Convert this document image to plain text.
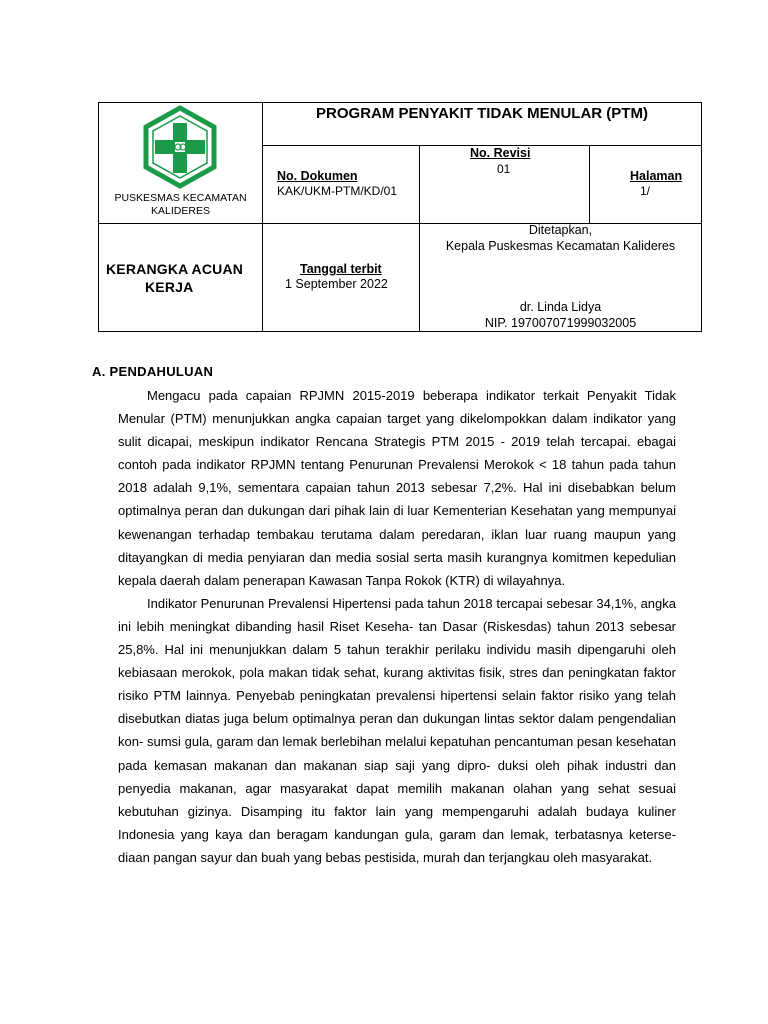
PUSKESMAS KECAMATAN
KALIDERES
PROGRAM PENYAKIT TIDAK MENULAR (PTM)
No. Dokumen
KAK/UKM-PTM/KD/01
No. Revisi
01	Halaman
1/
KERANGKA ACUAN
KERJA
Tanggal terbit
1 September 2022
Ditetapkan,
Kepala Puskesmas Kecamatan Kalideres
dr. Linda Lidya
NIP. 197007071999032005
A. PENDAHULUAN

Mengacu pada capaian RPJMN 2015-2019 beberapa indikator terkait Penyakit Tidak Menular (PTM) menunjukkan angka capaian target yang dikelompokkan dalam indikator yang sulit dicapai, meskipun indikator Rencana Strategis PTM 2015 - 2019 telah tercapai. ebagai contoh pada indikator RPJMN tentang Penurunan Prevalensi Merokok < 18 tahun pada tahun 2018 adalah 9,1%, sementara capaian tahun 2013 sebesar 7,2%. Hal ini disebabkan belum optimalnya peran dan dukungan dari pihak lain di luar Kementerian Kesehatan yang mempunyai kewenangan terhadap tembakau terutama dalam peredaran, iklan luar ruang maupun yang ditayangkan di media penyiaran dan media sosial serta masih kurangnya komitmen kepedulian kepala daerah dalam penerapan Kawasan Tanpa Rokok (KTR) di wilayahnya.

Indikator Penurunan Prevalensi Hipertensi pada tahun 2018 tercapai sebesar 34,1%, angka ini lebih meningkat dibanding hasil Riset Keseha- tan Dasar (Riskesdas) tahun 2013 sebesar 25,8%. Hal ini menunjukkan dalam 5 tahun terakhir perilaku individu masih dipengaruhi oleh kebiasaan merokok, pola makan tidak sehat, kurang aktivitas fisik, stres dan peningkatan faktor risiko PTM lainnya. Penyebab peningkatan prevalensi hipertensi selain faktor risiko yang telah disebutkan diatas juga belum optimalnya peran dan dukungan lintas sektor dalam pengendalian kon- sumsi gula, garam dan lemak berlebihan melalui kepatuhan pencantuman pesan kesehatan pada kemasan makanan dan makanan siap saji yang dipro- duksi oleh pihak industri dan penyedia makanan, agar masyarakat dapat memilih makanan olahan yang sehat sesuai kebutuhan gizinya. Disamping itu faktor lain yang mempengaruhi adalah budaya kuliner Indonesia yang kaya dan beragam kandungan gula, garam dan lemak, terbatasnya keterse- diaan pangan sayur dan buah yang bebas pestisida, murah dan terjangkau oleh masyarakat.
